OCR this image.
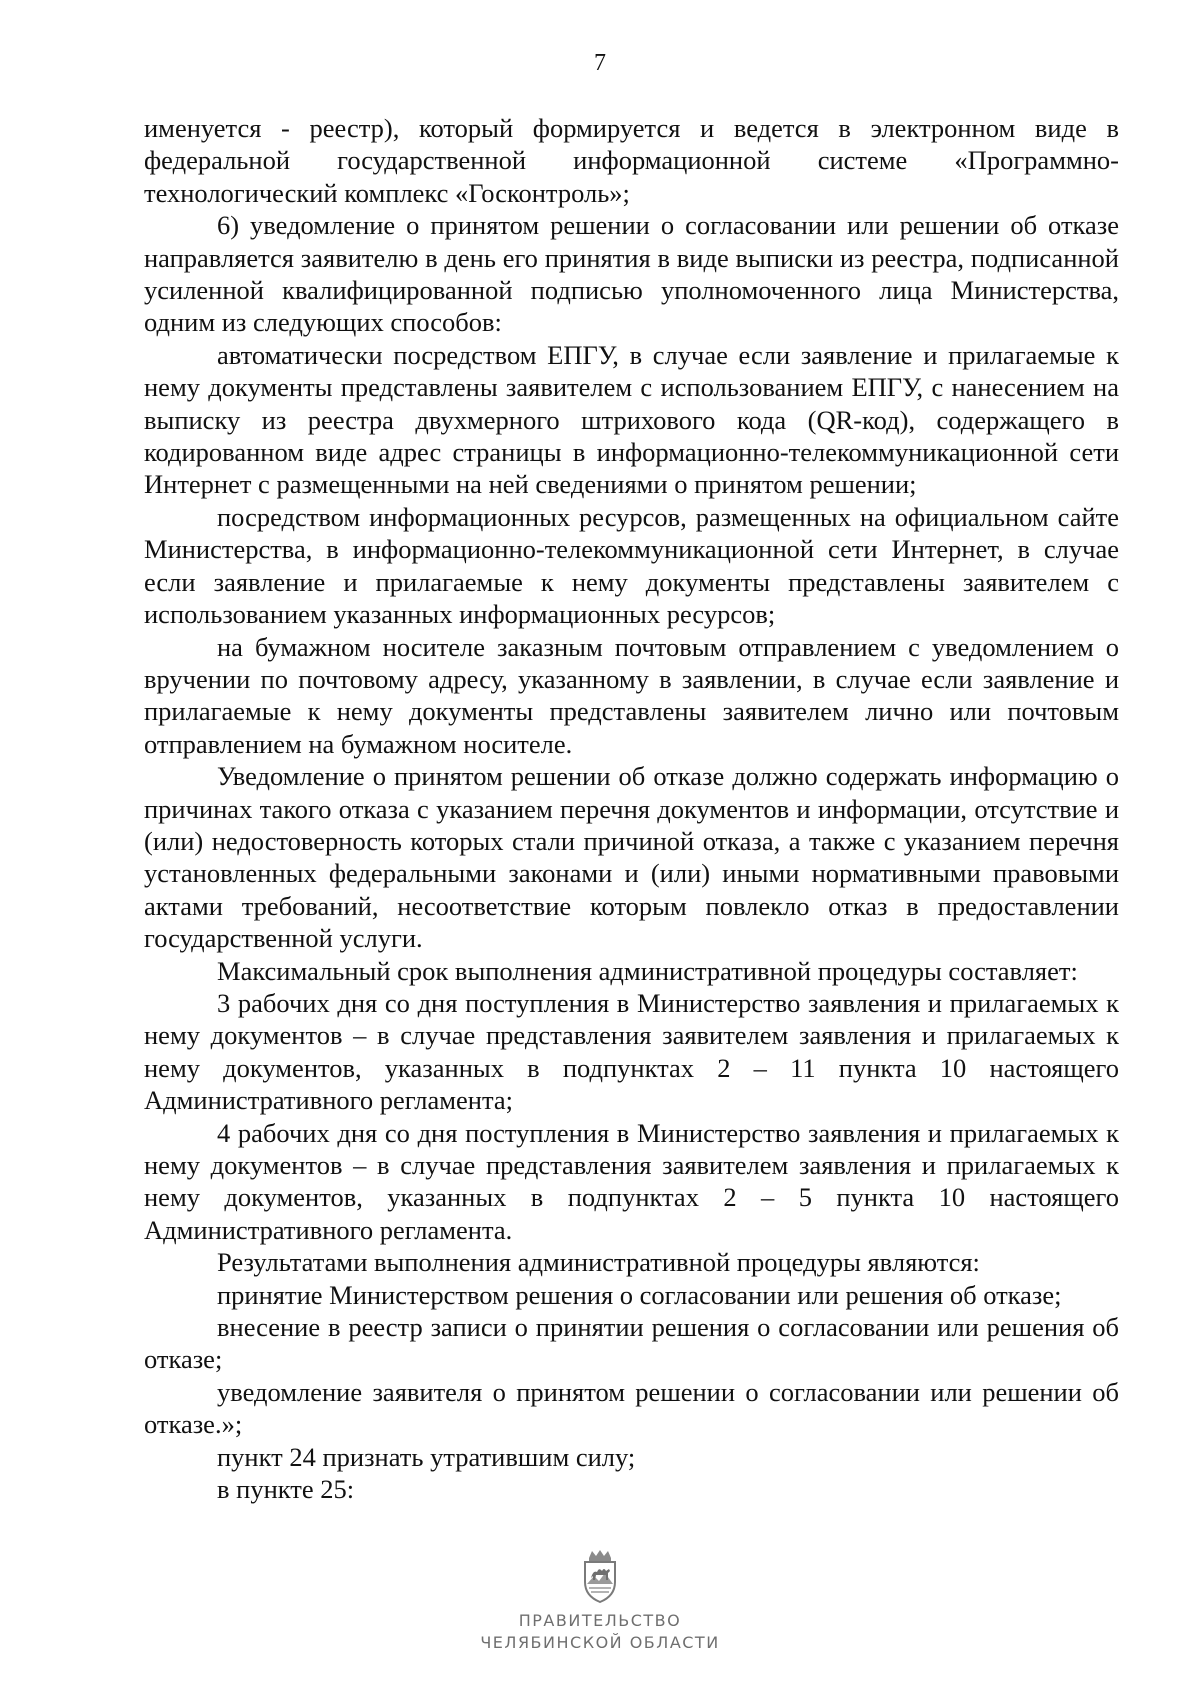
7

именуется - реестр), который формируется и ведется в электронном виде в федеральной государственной информационной системе «Программно-технологический комплекс «Госконтроль»;

6) уведомление о принятом решении о согласовании или решении об отказе направляется заявителю в день его принятия в виде выписки из реестра, подписанной усиленной квалифицированной подписью уполномоченного лица Министерства, одним из следующих способов:

автоматически посредством ЕПГУ, в случае если заявление и прилагаемые к нему документы представлены заявителем с использованием ЕПГУ, с нанесением на выписку из реестра двухмерного штрихового кода (QR-код), содержащего в кодированном виде адрес страницы в информационно-телекоммуникационной сети Интернет с размещенными на ней сведениями о принятом решении;

посредством информационных ресурсов, размещенных на официальном сайте Министерства, в информационно-телекоммуникационной сети Интернет, в случае если заявление и прилагаемые к нему документы представлены заявителем с использованием указанных информационных ресурсов;

на бумажном носителе заказным почтовым отправлением с уведомлением о вручении по почтовому адресу, указанному в заявлении, в случае если заявление и прилагаемые к нему документы представлены заявителем лично или почтовым отправлением на бумажном носителе.

Уведомление о принятом решении об отказе должно содержать информацию о причинах такого отказа с указанием перечня документов и информации, отсутствие и (или) недостоверность которых стали причиной отказа, а также с указанием перечня установленных федеральными законами и (или) иными нормативными правовыми актами требований, несоответствие которым повлекло отказ в предоставлении государственной услуги.

Максимальный срок выполнения административной процедуры составляет:

3 рабочих дня со дня поступления в Министерство заявления и прилагаемых к нему документов – в случае представления заявителем заявления и прилагаемых к нему документов, указанных в подпунктах 2 – 11 пункта 10 настоящего Административного регламента;

4 рабочих дня со дня поступления в Министерство заявления и прилагаемых к нему документов – в случае представления заявителем заявления и прилагаемых к нему документов, указанных в подпунктах 2 – 5 пункта 10 настоящего Административного регламента.

Результатами выполнения административной процедуры являются:

принятие Министерством решения о согласовании или решения об отказе;

внесение в реестр записи о принятии решения о согласовании или решения об отказе;

уведомление заявителя о принятом решении о согласовании или решении об отказе.»;

пункт 24 признать утратившим силу;

в пункте 25:

ПРАВИТЕЛЬСТВО
ЧЕЛЯБИНСКОЙ ОБЛАСТИ
